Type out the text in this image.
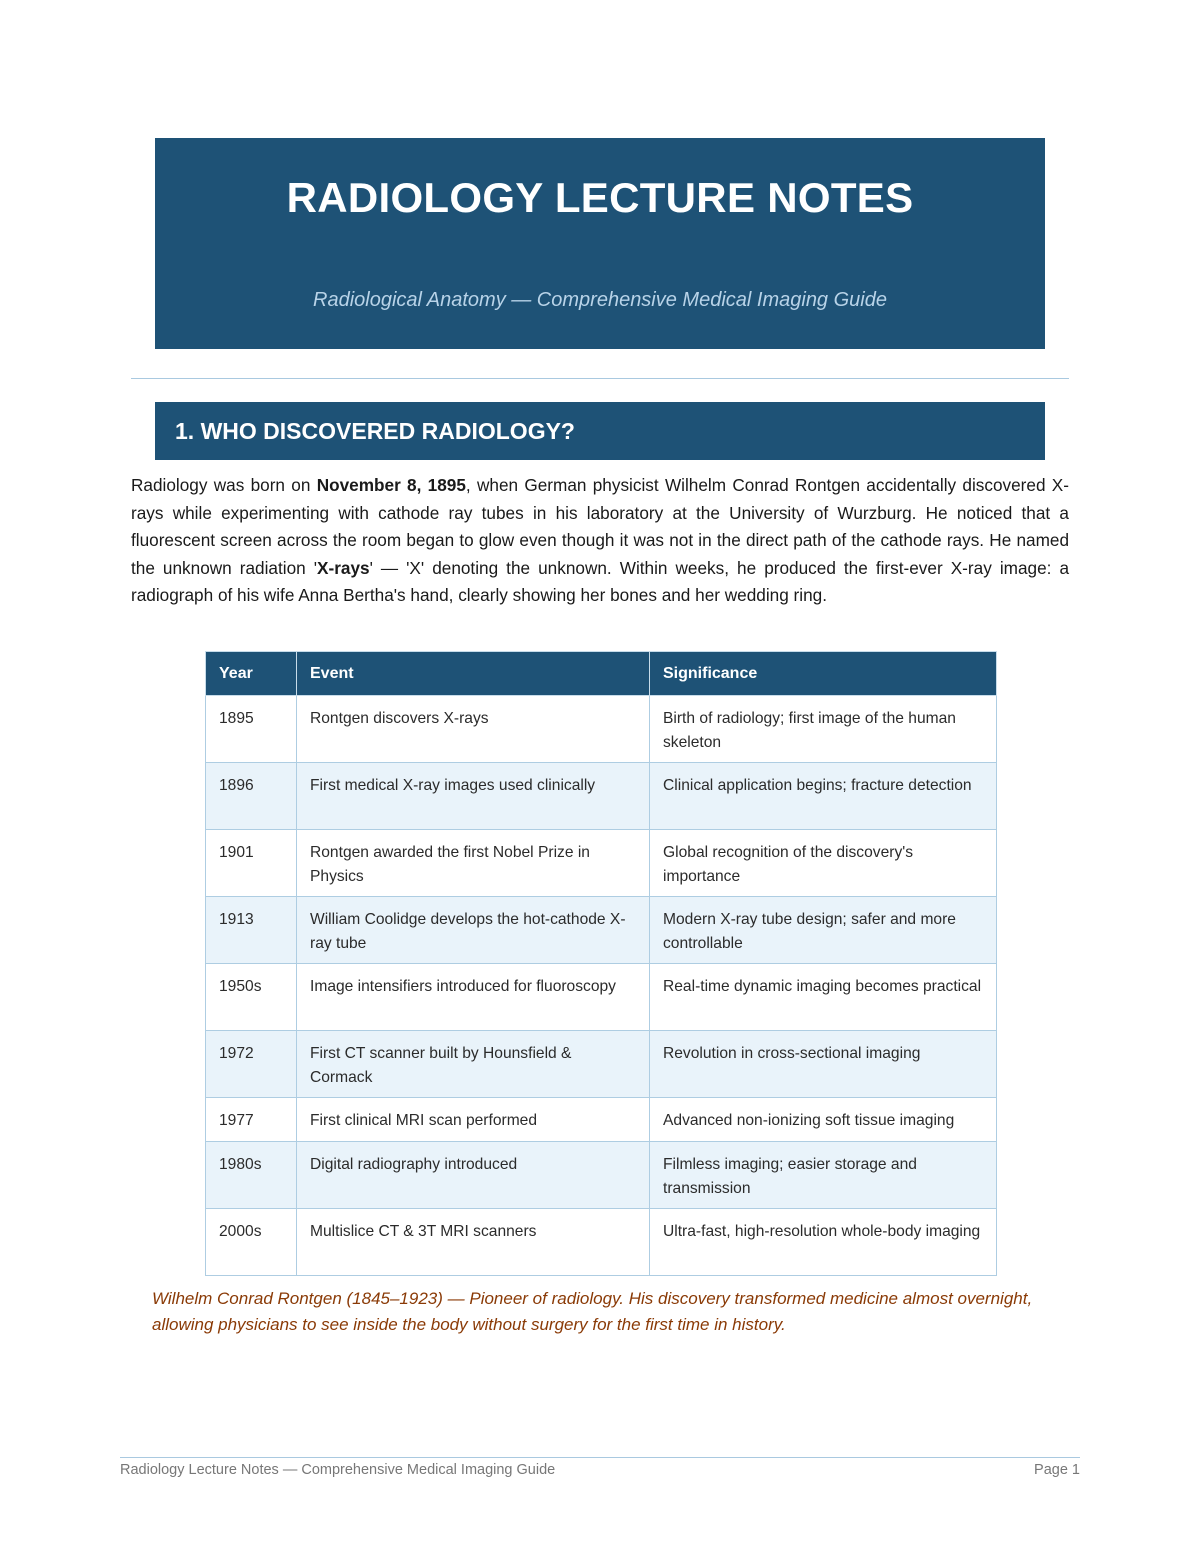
RADIOLOGY LECTURE NOTES
Radiological Anatomy — Comprehensive Medical Imaging Guide
1. WHO DISCOVERED RADIOLOGY?

Radiology was born on November 8, 1895, when German physicist Wilhelm Conrad Rontgen accidentally discovered X-rays while experimenting with cathode ray tubes in his laboratory at the University of Wurzburg. He noticed that a fluorescent screen across the room began to glow even though it was not in the direct path of the cathode rays. He named the unknown radiation 'X-rays' — 'X' denoting the unknown. Within weeks, he produced the first-ever X-ray image: a radiograph of his wife Anna Bertha's hand, clearly showing her bones and her wedding ring.

Year	Event	Significance
1895	Rontgen discovers X-rays	Birth of radiology; first image of the human skeleton
1896	First medical X-ray images used clinically	Clinical application begins; fracture detection
1901	Rontgen awarded the first Nobel Prize in Physics	Global recognition of the discovery's importance
1913	William Coolidge develops the hot-cathode X-ray tube	Modern X-ray tube design; safer and more controllable
1950s	Image intensifiers introduced for fluoroscopy	Real-time dynamic imaging becomes practical
1972	First CT scanner built by Hounsfield & Cormack	Revolution in cross-sectional imaging
1977	First clinical MRI scan performed	Advanced non-ionizing soft tissue imaging
1980s	Digital radiography introduced	Filmless imaging; easier storage and transmission
2000s	Multislice CT & 3T MRI scanners	Ultra-fast, high-resolution whole-body imaging

Wilhelm Conrad Rontgen (1845–1923) — Pioneer of radiology. His discovery transformed medicine almost overnight, allowing physicians to see inside the body without surgery for the first time in history.

Radiology Lecture Notes — Comprehensive Medical Imaging Guide	Page 1
